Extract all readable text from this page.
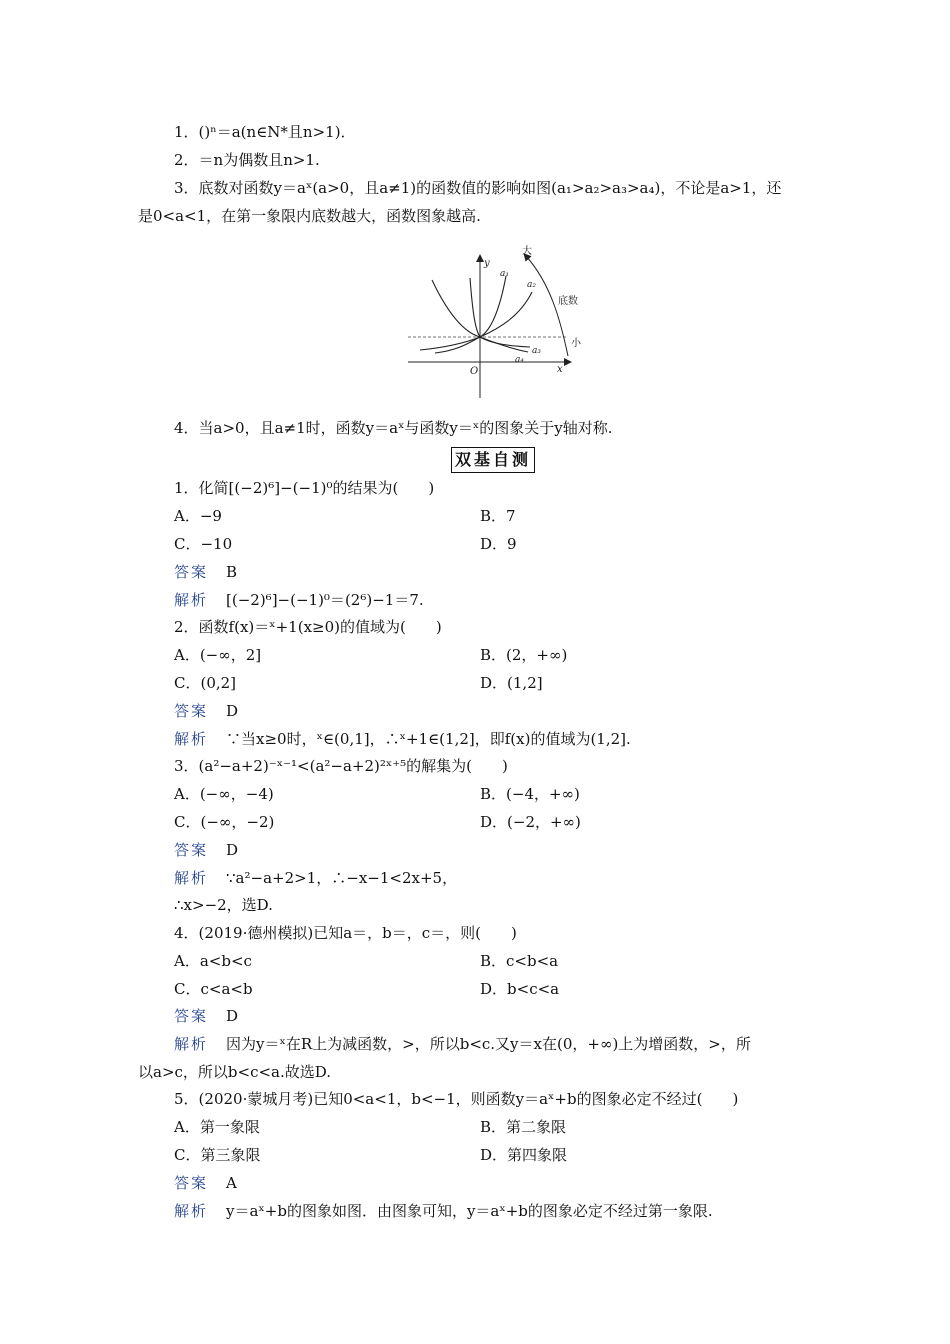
1．()ⁿ＝a(n∈N*且n>1)．
2．＝n为偶数且n>1.
3．底数对函数y＝aˣ(a>0，且a≠1)的函数值的影响如图(a₁>a₂>a₃>a₄)，不论是a>1，还
是0<a<1，在第一象限内底数越大，函数图象越高.
y
x
O
a₁
a₂
a₃
a₄
大
底数
小
4．当a>0，且a≠1时，函数y＝aˣ与函数y＝ˣ的图象关于y轴对称.
双基自测
1．化简[(−2)⁶]−(−1)⁰的结果为(　　)
A．−9	B．7
C．−10	D．9
答案 B
解析 [(−2)⁶]−(−1)⁰＝(2⁶)−1＝7.
2．函数f(x)＝ˣ+1(x≥0)的值域为(　　)
A．(−∞，2]	B．(2，+∞)
C．(0,2]	D．(1,2]
答案 D
解析 ∵当x≥0时，ˣ∈(0,1]，∴ˣ+1∈(1,2]，即f(x)的值域为(1,2].
3．(a²−a+2)⁻ˣ⁻¹<(a²−a+2)²ˣ⁺⁵的解集为(　　)
A．(−∞，−4)	B．(−4，+∞)
C．(−∞，−2)	D．(−2，+∞)
答案 D
解析 ∵a²−a+2>1，∴−x−1<2x+5，
∴x>−2，选D.
4．(2019·德州模拟)已知a＝，b＝，c＝，则(　　)
A．a<b<c	B．c<b<a
C．c<a<b	D．b<c<a
答案 D
解析 因为y＝ˣ在R上为减函数，>，所以b<c.又y＝x在(0，+∞)上为增函数，>，所
以a>c，所以b<c<a.故选D.
5．(2020·蒙城月考)已知0<a<1，b<−1，则函数y＝aˣ+b的图象必定不经过(　　)
A．第一象限	B．第二象限
C．第三象限	D．第四象限
答案 A
解析 y＝aˣ+b的图象如图．由图象可知，y＝aˣ+b的图象必定不经过第一象限.
